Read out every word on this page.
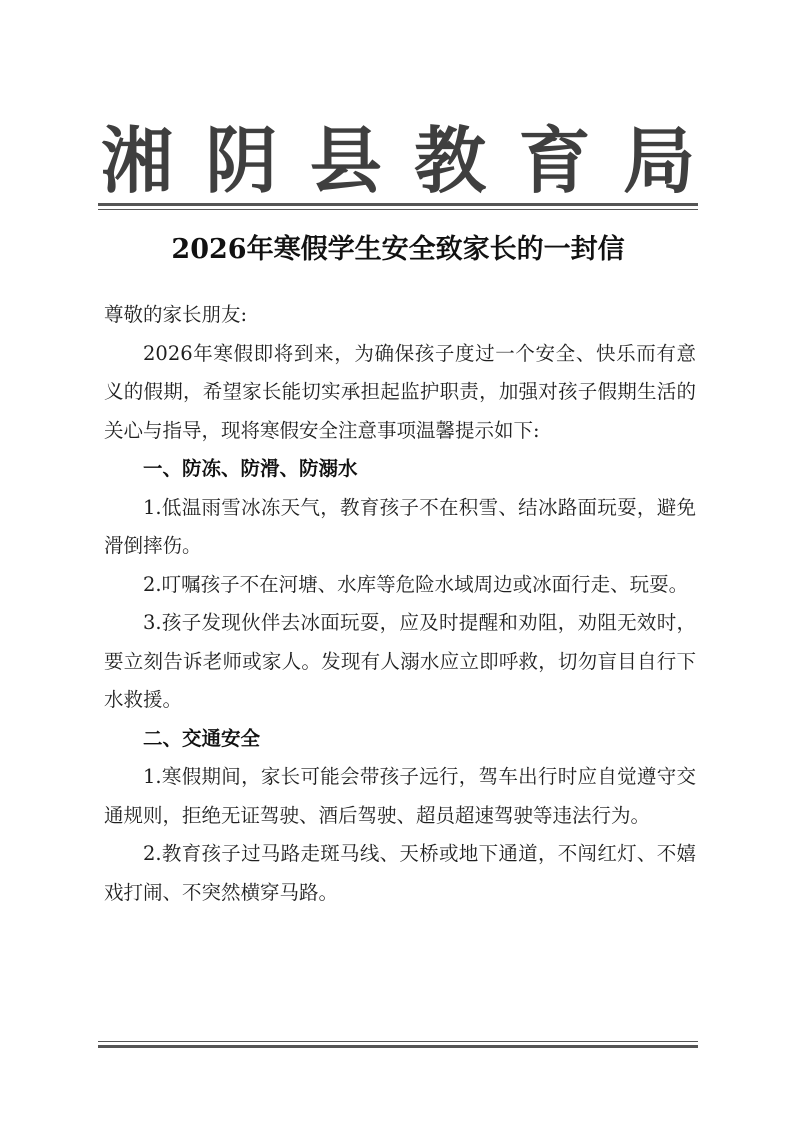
湘 阴 县 教 育 局
2026年寒假学生安全致家长的一封信

尊敬的家长朋友:

2026年寒假即将到来，为确保孩子度过一个安全、快乐而有意义的假期，希望家长能切实承担起监护职责，加强对孩子假期生活的关心与指导，现将寒假安全注意事项温馨提示如下:

一、防冻、防滑、防溺水

1.低温雨雪冰冻天气，教育孩子不在积雪、结冰路面玩耍，避免滑倒摔伤。

2.叮嘱孩子不在河塘、水库等危险水域周边或冰面行走、玩耍。

3.孩子发现伙伴去冰面玩耍，应及时提醒和劝阻，劝阻无效时，要立刻告诉老师或家人。发现有人溺水应立即呼救，切勿盲目自行下水救援。

二、交通安全

1.寒假期间，家长可能会带孩子远行，驾车出行时应自觉遵守交通规则，拒绝无证驾驶、酒后驾驶、超员超速驾驶等违法行为。

2.教育孩子过马路走斑马线、天桥或地下通道，不闯红灯、不嬉戏打闹、不突然横穿马路。
